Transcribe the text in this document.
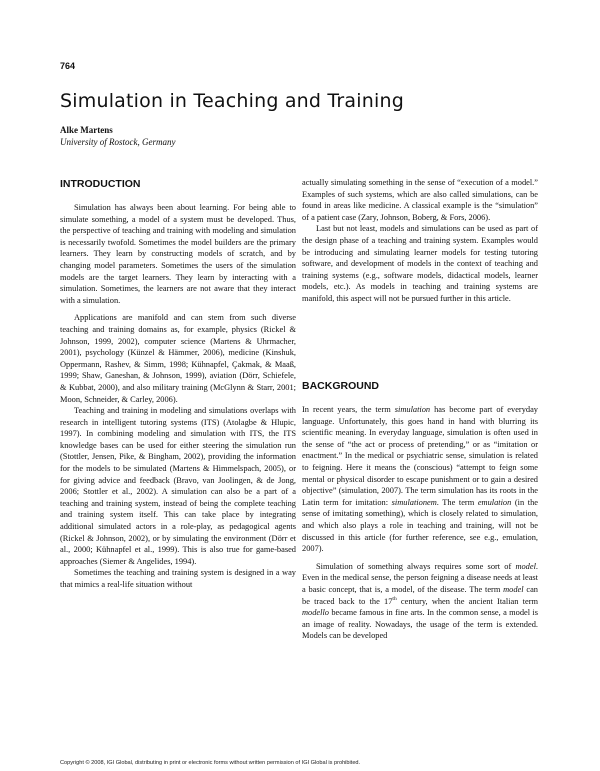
764
Simulation in Teaching and Training
Alke Martens
University of Rostock, Germany
INTRODUCTION

Simulation has always been about learning. For being able to simulate something, a model of a system must be developed. Thus, the perspective of teaching and training with modeling and simulation is necessarily twofold. Sometimes the model builders are the primary learners. They learn by constructing models of scratch, and by changing model parameters. Sometimes the users of the simulation models are the target learners. They learn by interacting with a simulation. Sometimes, the learners are not aware that they interact with a simulation.

Applications are manifold and can stem from such diverse teaching and training domains as, for example, physics (Rickel & Johnson, 1999, 2002), computer science (Martens & Uhrmacher, 2001), psychology (Künzel & Hämmer, 2006), medicine (Kinshuk, Oppermann, Rashev, & Simm, 1998; Kühnapfel, Çakmak, & Maaß, 1999; Shaw, Ganeshan, & Johnson, 1999), aviation (Dörr, Schiefele, & Kubbat, 2000), and also military training (McGlynn & Starr, 2001; Moon, Schneider, & Carley, 2006).

Teaching and training in modeling and simulations overlaps with research in intelligent tutoring systems (ITS) (Atolagbe & Hlupic, 1997). In combining modeling and simulation with ITS, the ITS knowledge bases can be used for either steering the simulation run (Stottler, Jensen, Pike, & Bingham, 2002), providing the information for the models to be simulated (Martens & Himmelspach, 2005), or for giving advice and feedback (Bravo, van Joolingen, & de Jong, 2006; Stottler et al., 2002). A simulation can also be a part of a teaching and training system, instead of being the complete teaching and training system itself. This can take place by integrating additional simulated actors in a role-play, as pedagogical agents (Rickel & Johnson, 2002), or by simulating the environment (Dörr et al., 2000; Kühnapfel et al., 1999). This is also true for game-based approaches (Siemer & Angelides, 1994).

Sometimes the teaching and training system is designed in a way that mimics a real-life situation without

actually simulating something in the sense of “execution of a model.” Examples of such systems, which are also called simulations, can be found in areas like medicine. A classical example is the “simulation” of a patient case (Zary, Johnson, Boberg, & Fors, 2006).

Last but not least, models and simulations can be used as part of the design phase of a teaching and training system. Examples would be introducing and simulating learner models for testing tutoring software, and development of models in the context of teaching and training systems (e.g., software models, didactical models, learner models, etc.). As models in teaching and training systems are manifold, this aspect will not be pursued further in this article.

BACKGROUND

In recent years, the term simulation has become part of everyday language. Unfortunately, this goes hand in hand with blurring its scientific meaning. In everyday language, simulation is often used in the sense of “the act or process of pretending,” or as “imitation or enactment.” In the medical or psychiatric sense, simulation is related to feigning. Here it means the (conscious) “attempt to feign some mental or physical disorder to escape punishment or to gain a desired objective” (simulation, 2007). The term simulation has its roots in the Latin term for imitation: simulationem. The term emulation (in the sense of imitating something), which is closely related to simulation, and which also plays a role in teaching and training, will not be discussed in this article (for further reference, see e.g., emulation, 2007).

Simulation of something always requires some sort of model. Even in the medical sense, the person feigning a disease needs at least a basic concept, that is, a model, of the disease. The term model can be traced back to the 17th century, when the ancient Italian term modello became famous in fine arts. In the common sense, a model is an image of reality. Nowadays, the usage of the term is extended. Models can be developed

Copyright © 2008, IGI Global, distributing in print or electronic forms without written permission of IGI Global is prohibited.
